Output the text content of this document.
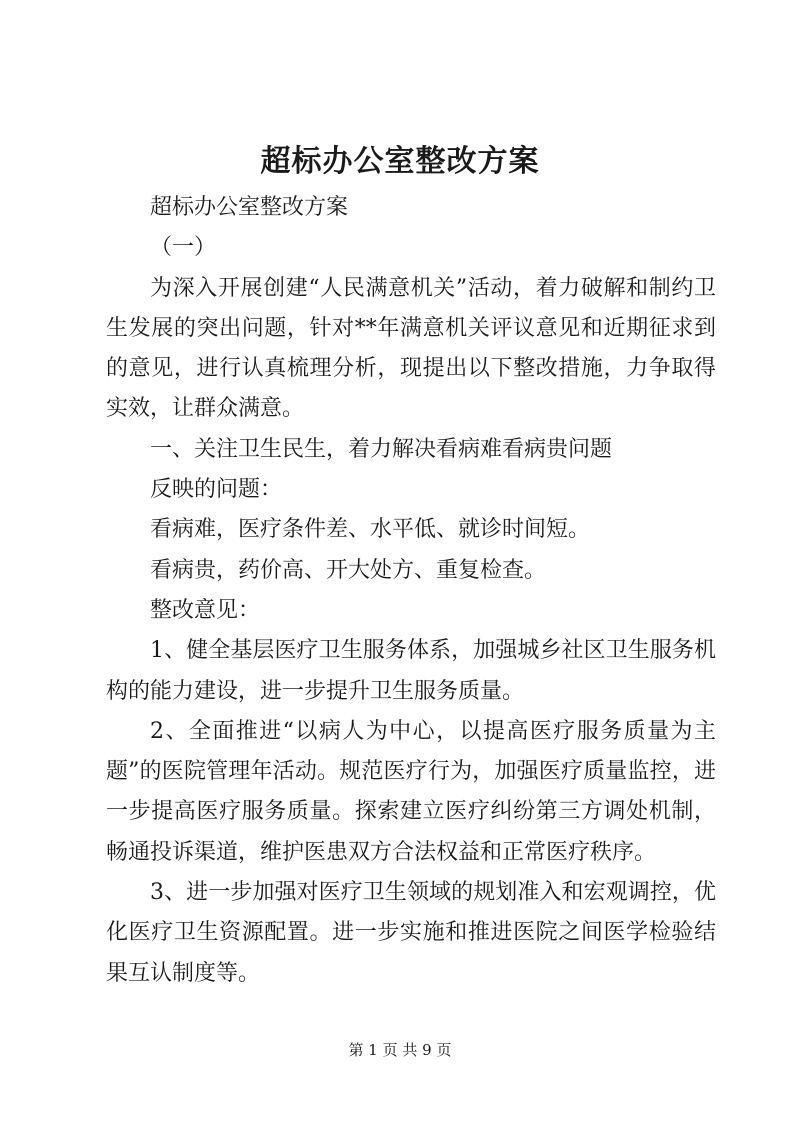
超标办公室整改方案

超标办公室整改方案

（一）

为深入开展创建“人民满意机关”活动，着力破解和制约卫生发展的突出问题，针对**年满意机关评议意见和近期征求到的意见，进行认真梳理分析，现提出以下整改措施，力争取得实效，让群众满意。

一、关注卫生民生，着力解决看病难看病贵问题

反映的问题：

看病难，医疗条件差、水平低、就诊时间短。

看病贵，药价高、开大处方、重复检查。

整改意见：

1、健全基层医疗卫生服务体系，加强城乡社区卫生服务机构的能力建设，进一步提升卫生服务质量。

2、全面推进“以病人为中心，以提高医疗服务质量为主题”的医院管理年活动。规范医疗行为，加强医疗质量监控，进一步提高医疗服务质量。探索建立医疗纠纷第三方调处机制，畅通投诉渠道，维护医患双方合法权益和正常医疗秩序。

3、进一步加强对医疗卫生领域的规划准入和宏观调控，优化医疗卫生资源配置。进一步实施和推进医院之间医学检验结果互认制度等。

第 1 页 共 9 页
